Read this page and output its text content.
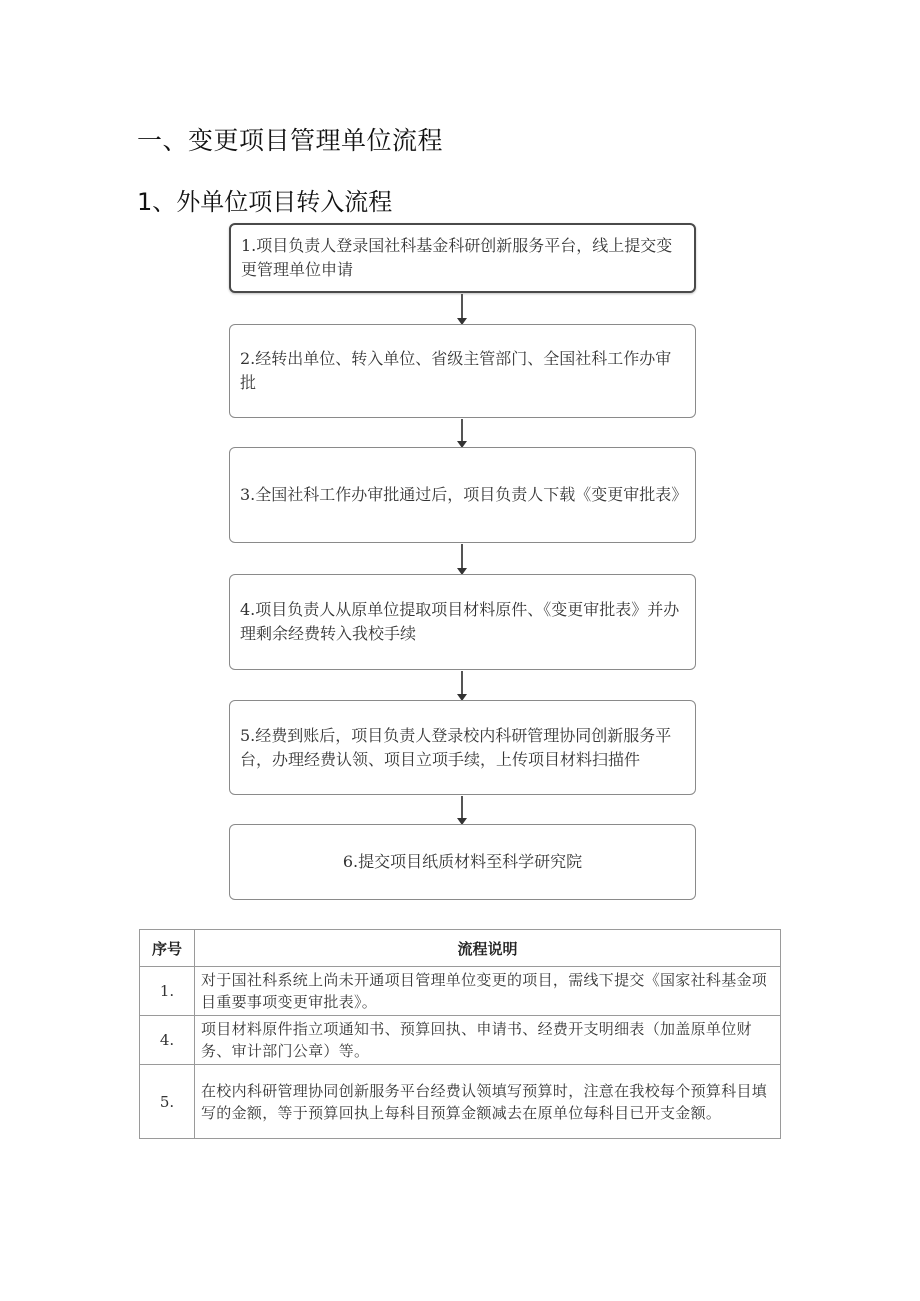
一、变更项目管理单位流程
1、外单位项目转入流程
1.项目负责人登录国社科基金科研创新服务平台，线上提交变更管理单位申请
2.经转出单位、转入单位、省级主管部门、全国社科工作办审批
3.全国社科工作办审批通过后，项目负责人下载《变更审批表》
4.项目负责人从原单位提取项目材料原件、《变更审批表》并办理剩余经费转入我校手续
5.经费到账后，项目负责人登录校内科研管理协同创新服务平台，办理经费认领、项目立项手续，上传项目材料扫描件
6.提交项目纸质材料至科学研究院
序号	流程说明
1.	对于国社科系统上尚未开通项目管理单位变更的项目，需线下提交《国家社科基金项目重要事项变更审批表》。
4.	项目材料原件指立项通知书、预算回执、申请书、经费开支明细表（加盖原单位财务、审计部门公章）等。
5.	在校内科研管理协同创新服务平台经费认领填写预算时，注意在我校每个预算科目填写的金额，等于预算回执上每科目预算金额减去在原单位每科目已开支金额。
